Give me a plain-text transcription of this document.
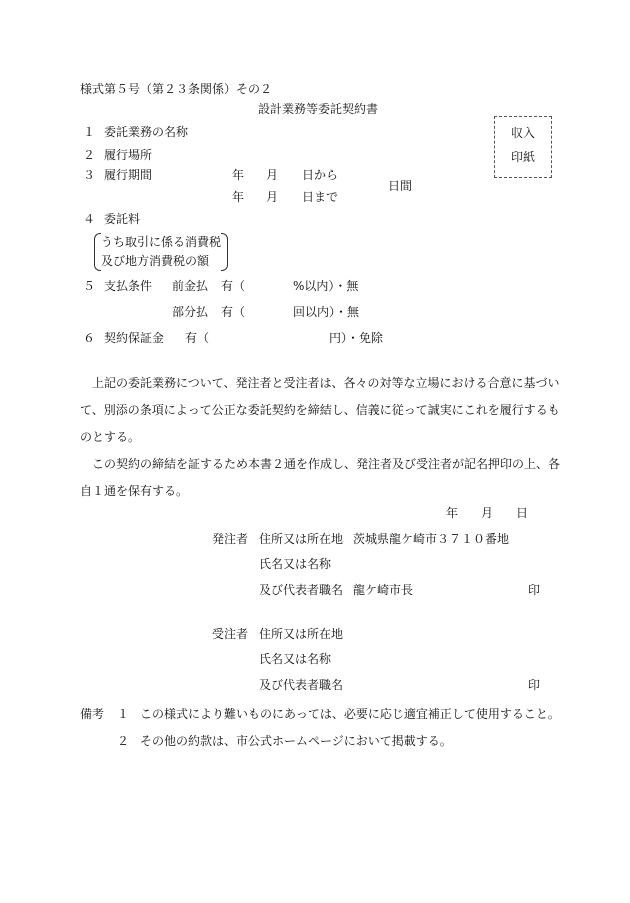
様式第５号（第２３条関係）その２
設計業務等委託契約書
収入
印紙
１ 委託業務の名称
２ 履行場所
３ 履行期間	年 月 日から
年 月 日まで
日間
４ 委託料
うち取引に係る消費税
及び地方消費税の額
５ 支払条件 前金払 有（　　　　%以内）・無
部分払 有（　　　　回以内）・無
６ 契約保証金 有（　　　　　　　　　　円）・免除
上記の委託業務について、発注者と受注者は、各々の対等な立場における合意に基づい
て、別添の条項によって公正な委託契約を締結し、信義に従って誠実にこれを履行するも
のとする。
この契約の締結を証するため本書２通を作成し、発注者及び受注者が記名押印の上、各
自１通を保有する。
年 月 日
発注者 住所又は所在地 茨城県龍ケ崎市３７１０番地
氏名又は名称
及び代表者職名 龍ケ崎市長	印
受注者 住所又は所在地
氏名又は名称
及び代表者職名	印
備考 １ この様式により難いものにあっては、必要に応じ適宜補正して使用すること。
２ その他の約款は、市公式ホームページにおいて掲載する。
